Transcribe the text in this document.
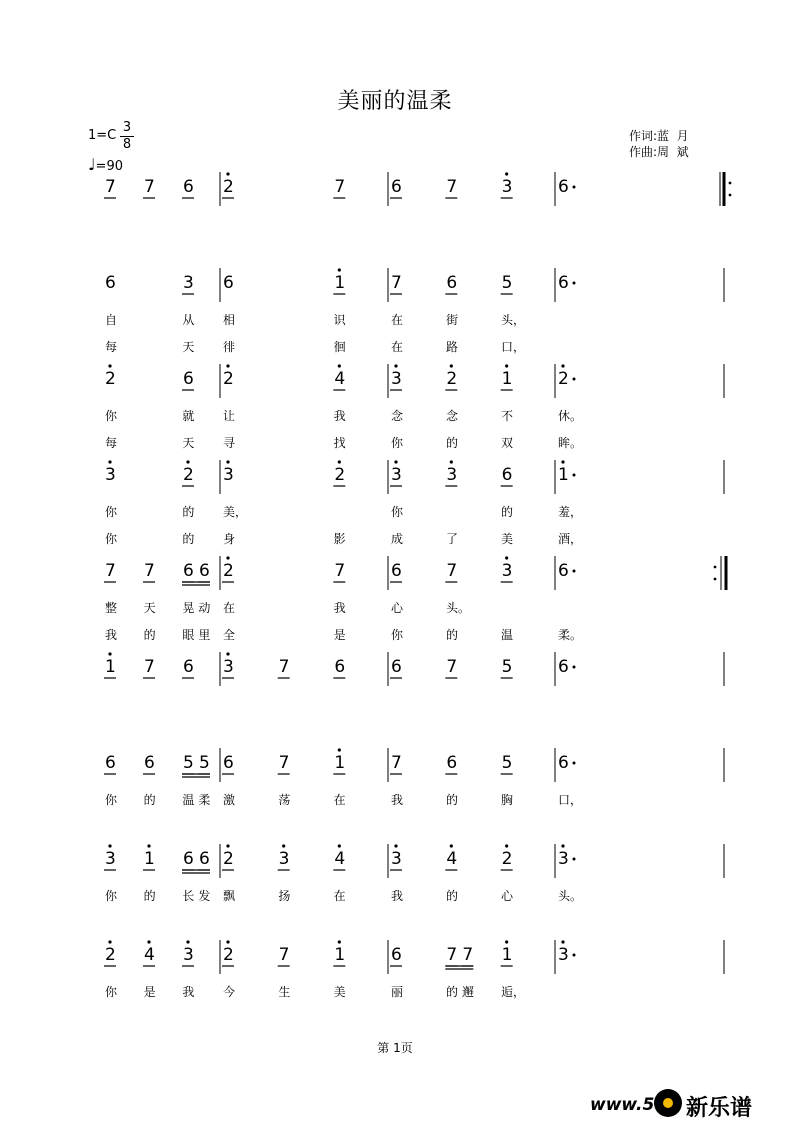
美丽的温柔
$1=C \frac{3}{8}$
♩=90
作词:蓝  月
作曲:周  斌
7 7 6 2	7	6	7	3	6
6	3 6	1	7	6	5	6
自	从 相	识	在	街	头，
每	天 徘	徊	在	路	口，
2	6 2	4	3	2	1	2
你	就 让	我	念	念	不	休。
每	天 寻	找	你	的	双	眸。
3	2 3	2	3	3	6	1
你	的 美，	你	的	羞，
你	的 身	影	成	了	美	酒，
7 7 6 6 2	7	6	7	3	6
整 天 晃 动 在	我	心	头。
我 的 眼 里 全	是	你	的	温	柔。
1 7 6 3	7	6	6	7	5	6
6 6 5 5 6	7	1	7	6	5	6
你 的 温 柔 激	荡	在	我	的	胸	口，
3 1 6 6 2	3	4	3	4	2	3
你 的 长 发 飘	扬	在	我	的	心	头。
2 4 3 2	7	1	6	7 7 1	3
你 是 我 今	生	美	丽	的 邂 逅，
第 1页
www.5 新乐谱
